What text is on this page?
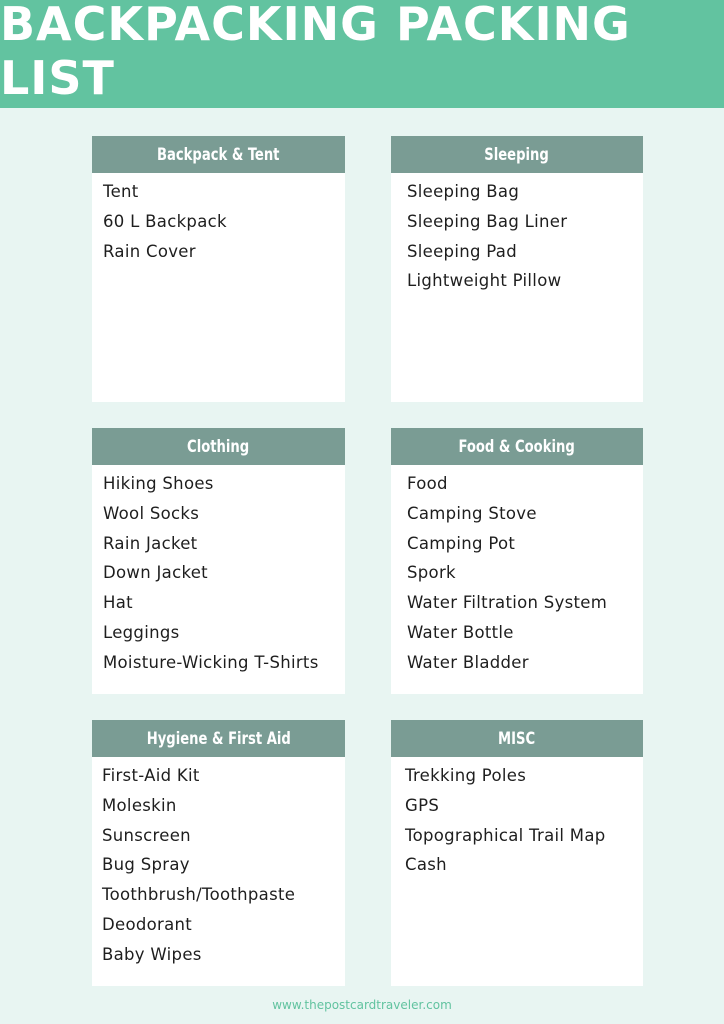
BACKPACKING PACKING LIST
Backpack & Tent
Tent
60 L Backpack
Rain Cover
Sleeping
Sleeping Bag
Sleeping Bag Liner
Sleeping Pad
Lightweight Pillow
Clothing
Hiking Shoes
Wool Socks
Rain Jacket
Down Jacket
Hat
Leggings
Moisture-Wicking T-Shirts
Food & Cooking
Food
Camping Stove
Camping Pot
Spork
Water Filtration System
Water Bottle
Water Bladder
Hygiene & First Aid
First-Aid Kit
Moleskin
Sunscreen
Bug Spray
Toothbrush/Toothpaste
Deodorant
Baby Wipes
MISC
Trekking Poles
GPS
Topographical Trail Map
Cash
www.thepostcardtraveler.com
